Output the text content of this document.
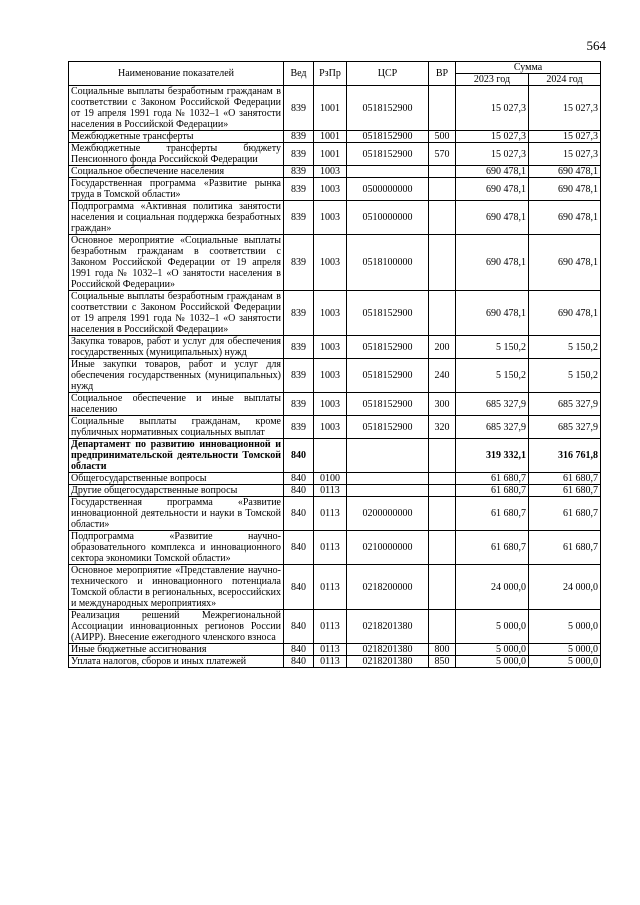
564
Наименование показателей	Вед	РзПр	ЦСР	ВР	Сумма	
					2023 год	2024 год
Социальные выплаты безработным гражданам в соответствии с Законом Российской Федерации от 19 апреля 1991 года № 1032–1 «О занятости населения в Российской Федерации»	839	1001	0518152900		15 027,3	15 027,3
Межбюджетные трансферты	839	1001	0518152900	500	15 027,3	15 027,3
Межбюджетные трансферты бюджету Пенсионного фонда Российской Федерации	839	1001	0518152900	570	15 027,3	15 027,3
Социальное обеспечение населения	839	1003			690 478,1	690 478,1
Государственная программа «Развитие рынка труда в Томской области»	839	1003	0500000000		690 478,1	690 478,1
Подпрограмма «Активная политика занятости населения и социальная поддержка безработных граждан»	839	1003	0510000000		690 478,1	690 478,1
Основное мероприятие «Социальные выплаты безработным гражданам в соответствии с Законом Российской Федерации от 19 апреля 1991 года № 1032–1 «О занятости населения в Российской Федерации»	839	1003	0518100000		690 478,1	690 478,1
Социальные выплаты безработным гражданам в соответствии с Законом Российской Федерации от 19 апреля 1991 года № 1032–1 «О занятости населения в Российской Федерации»	839	1003	0518152900		690 478,1	690 478,1
Закупка товаров, работ и услуг для обеспечения государственных (муниципальных) нужд	839	1003	0518152900	200	5 150,2	5 150,2
Иные закупки товаров, работ и услуг для обеспечения государственных (муниципальных) нужд	839	1003	0518152900	240	5 150,2	5 150,2
Социальное обеспечение и иные выплаты населению	839	1003	0518152900	300	685 327,9	685 327,9
Социальные выплаты гражданам, кроме публичных нормативных социальных выплат	839	1003	0518152900	320	685 327,9	685 327,9
Департамент по развитию инновационной и предпринимательской деятельности Томской области	840				319 332,1	316 761,8
Общегосударственные вопросы	840	0100			61 680,7	61 680,7
Другие общегосударственные вопросы	840	0113			61 680,7	61 680,7
Государственная программа «Развитие инновационной деятельности и науки в Томской области»	840	0113	0200000000		61 680,7	61 680,7
Подпрограмма «Развитие научно-образовательного комплекса и инновационного сектора экономики Томской области»	840	0113	0210000000		61 680,7	61 680,7
Основное мероприятие «Представление научно-технического и инновационного потенциала Томской области в региональных, всероссийских и международных мероприятиях»	840	0113	0218200000		24 000,0	24 000,0
Реализация решений Межрегиональной Ассоциации инновационных регионов России (АИРР). Внесение ежегодного членского взноса	840	0113	0218201380		5 000,0	5 000,0
Иные бюджетные ассигнования	840	0113	0218201380	800	5 000,0	5 000,0
Уплата налогов, сборов и иных платежей	840	0113	0218201380	850	5 000,0	5 000,0
